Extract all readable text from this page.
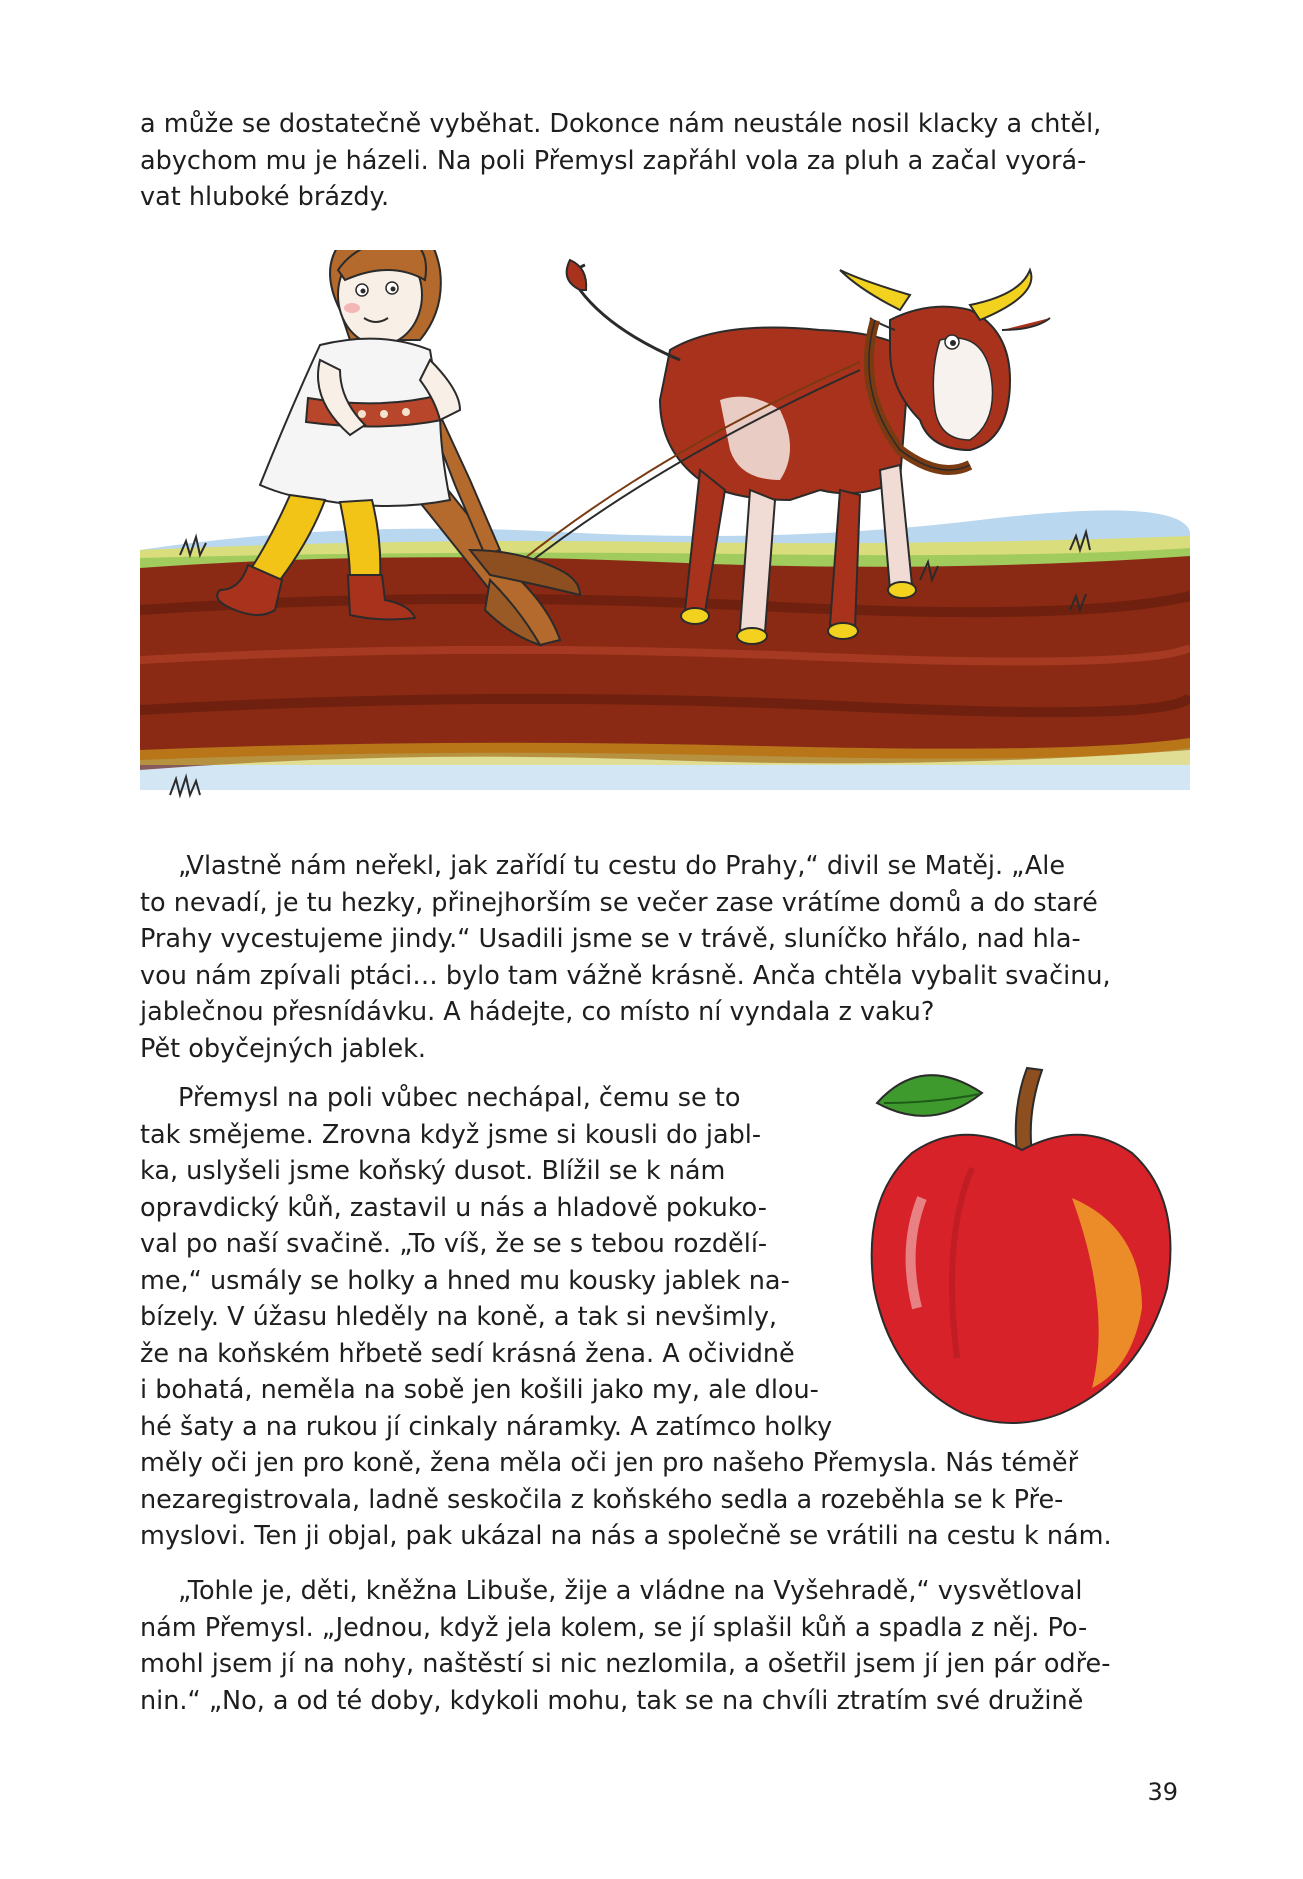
a může se dostatečně vyběhat. Dokonce nám neustále nosil klacky a chtěl,

abychom mu je házeli. Na poli Přemysl zapřáhl vola za pluh a začal vyorá-

vat hluboké brázdy.

„Vlastně nám neřekl, jak zařídí tu cestu do Prahy,“ divil se Matěj. „Ale

to nevadí, je tu hezky, přinejhorším se večer zase vrátíme domů a do staré

Prahy vycestujeme jindy.“ Usadili jsme se v trávě, sluníčko hřálo, nad hla-

vou nám zpívali ptáci… bylo tam vážně krásně. Anča chtěla vybalit svačinu,

jablečnou přesnídávku. A hádejte, co místo ní vyndala z vaku?

Pět obyčejných jablek.

Přemysl na poli vůbec nechápal, čemu se to

tak smějeme. Zrovna když jsme si kousli do jabl-

ka, uslyšeli jsme koňský dusot. Blížil se k nám

opravdický kůň, zastavil u nás a hladově pokuko-

val po naší svačině. „To víš, že se s tebou rozdělí-

me,“ usmály se holky a hned mu kousky jablek na-

bízely. V úžasu hleděly na koně, a tak si nevšimly,

že na koňském hřbetě sedí krásná žena. A očividně

i bohatá, neměla na sobě jen košili jako my, ale dlou-

hé šaty a na rukou jí cinkaly náramky. A zatímco holky

měly oči jen pro koně, žena měla oči jen pro našeho Přemysla. Nás téměř

nezaregistrovala, ladně seskočila z koňského sedla a rozeběhla se k Pře-

myslovi. Ten ji objal, pak ukázal na nás a společně se vrátili na cestu k nám.

„Tohle je, děti, kněžna Libuše, žije a vládne na Vyšehradě,“ vysvětloval

nám Přemysl. „Jednou, když jela kolem, se jí splašil kůň a spadla z něj. Po-

mohl jsem jí na nohy, naštěstí si nic nezlomila, a ošetřil jsem jí jen pár odře-

nin.“ „No, a od té doby, kdykoli mohu, tak se na chvíli ztratím své družině

39
